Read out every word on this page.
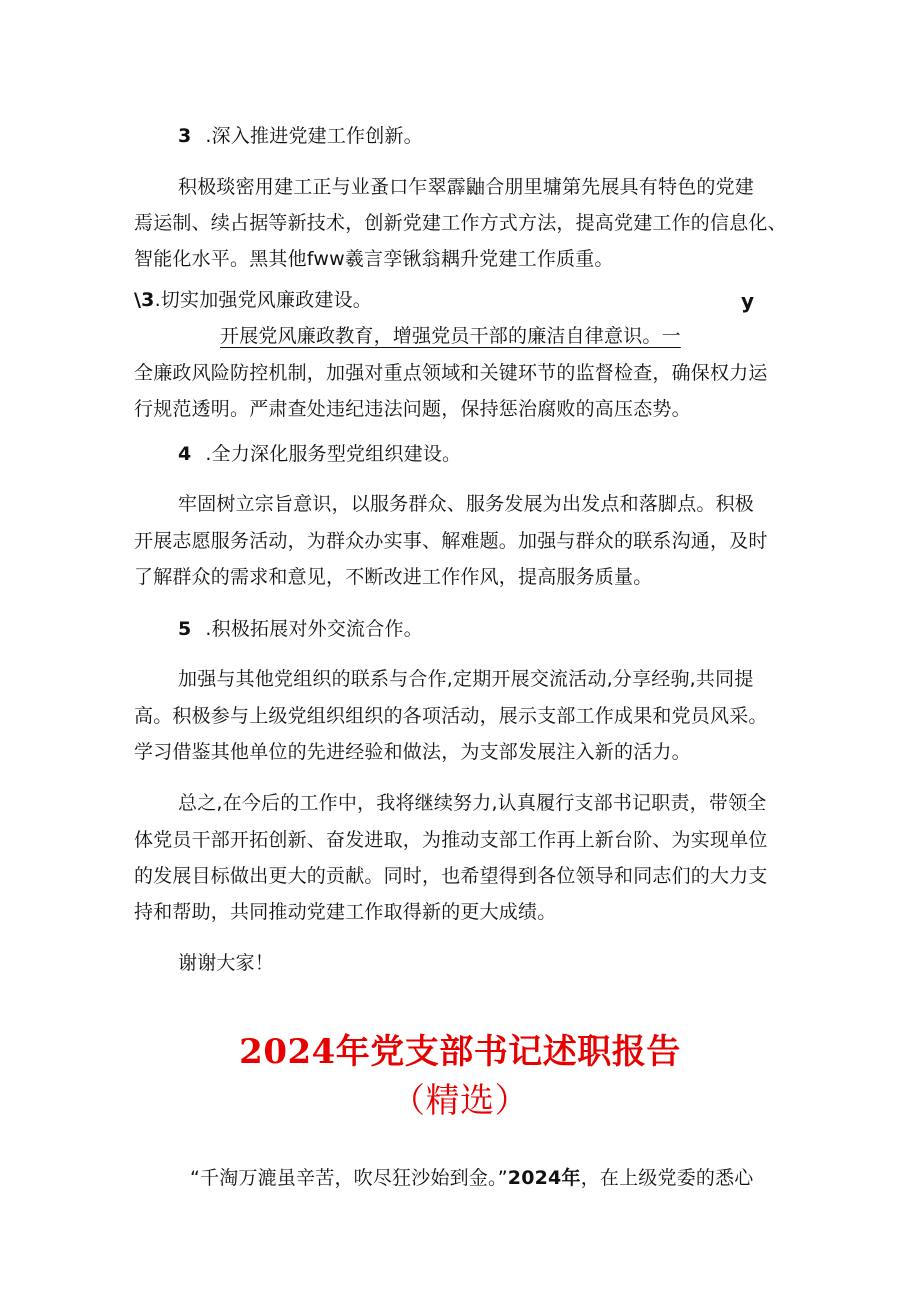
3 .深入推进党建工作创新。
积极琰密用建工正与业蚤口乍翠霹鼬合朋里墉第先展具有特色的党建
焉运制、续占据等新技术，创新党建工作方式方法，提高党建工作的信息化、
智能化水平。黑其他fww羲言孪锹翁耦升党建工作质重。
\3.切实加强党风廉政建设。	y
开展党风廉政教育，增强党员干部的廉洁自律意识。一
全廉政风险防控机制，加强对重点领域和关键环节的监督检查，确保权力运
行规范透明。严肃查处违纪违法问题，保持惩治腐败的高压态势。
4 .全力深化服务型党组织建设。
牢固树立宗旨意识，以服务群众、服务发展为出发点和落脚点。积极
开展志愿服务活动，为群众办实事、解难题。加强与群众的联系沟通，及时
了解群众的需求和意见，不断改进工作作风，提高服务质量。
5 .积极拓展对外交流合作。
加强与其他党组织的联系与合作,定期开展交流活动,分享经驹,共同提
高。积极参与上级党组织组织的各项活动，展示支部工作成果和党员风采。
学习借鉴其他单位的先进经验和做法，为支部发展注入新的活力。
总之,在今后的工作中，我将继续努力,认真履行支部书记职责，带领全
体党员干部开拓创新、奋发进取，为推动支部工作再上新台阶、为实现单位
的发展目标做出更大的贡献。同时，也希望得到各位领导和同志们的大力支
持和帮助，共同推动党建工作取得新的更大成绩。
谢谢大家！
2024年党支部书记述职报告
（精选）
“千淘万漉虽辛苦，吹尽狂沙始到金。”2024年，在上级党委的悉心
